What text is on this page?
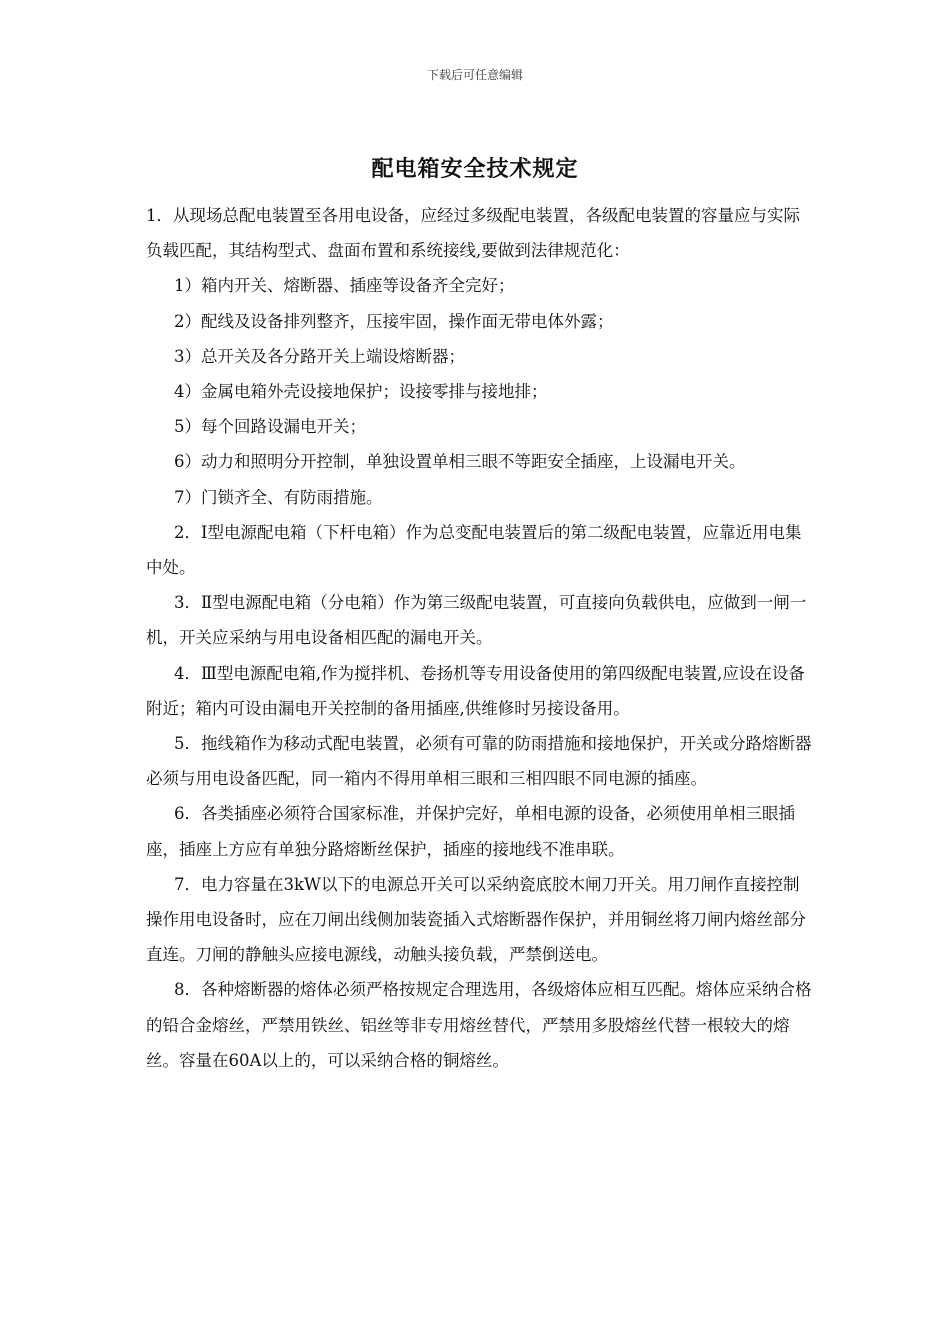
下载后可任意编辑
配电箱安全技术规定

1．从现场总配电装置至各用电设备，应经过多级配电装置，各级配电装置的容量应与实际负载匹配，其结构型式、盘面布置和系统接线,要做到法律规范化：

1）箱内开关、熔断器、插座等设备齐全完好；

2）配线及设备排列整齐，压接牢固，操作面无带电体外露；

3）总开关及各分路开关上端设熔断器；

4）金属电箱外壳设接地保护；设接零排与接地排；

5）每个回路设漏电开关；

6）动力和照明分开控制，单独设置单相三眼不等距安全插座，上设漏电开关。

7）门锁齐全、有防雨措施。

2．Ⅰ型电源配电箱（下杆电箱）作为总变配电装置后的第二级配电装置，应靠近用电集中处。

3．Ⅱ型电源配电箱（分电箱）作为第三级配电装置，可直接向负载供电，应做到一闸一机，开关应采纳与用电设备相匹配的漏电开关。

4．Ⅲ型电源配电箱,作为搅拌机、卷扬机等专用设备使用的第四级配电装置,应设在设备附近；箱内可设由漏电开关控制的备用插座,供维修时另接设备用。

5．拖线箱作为移动式配电装置，必须有可靠的防雨措施和接地保护，开关或分路熔断器必须与用电设备匹配，同一箱内不得用单相三眼和三相四眼不同电源的插座。

6．各类插座必须符合国家标准，并保护完好，单相电源的设备，必须使用单相三眼插座，插座上方应有单独分路熔断丝保护，插座的接地线不准串联。

7．电力容量在3kW以下的电源总开关可以采纳瓷底胶木闸刀开关。用刀闸作直接控制操作用电设备时，应在刀闸出线侧加装瓷插入式熔断器作保护，并用铜丝将刀闸内熔丝部分直连。刀闸的静触头应接电源线，动触头接负载，严禁倒送电。

8．各种熔断器的熔体必须严格按规定合理选用，各级熔体应相互匹配。熔体应采纳合格的铅合金熔丝，严禁用铁丝、铝丝等非专用熔丝替代，严禁用多股熔丝代替一根较大的熔丝。容量在60A以上的，可以采纳合格的铜熔丝。
